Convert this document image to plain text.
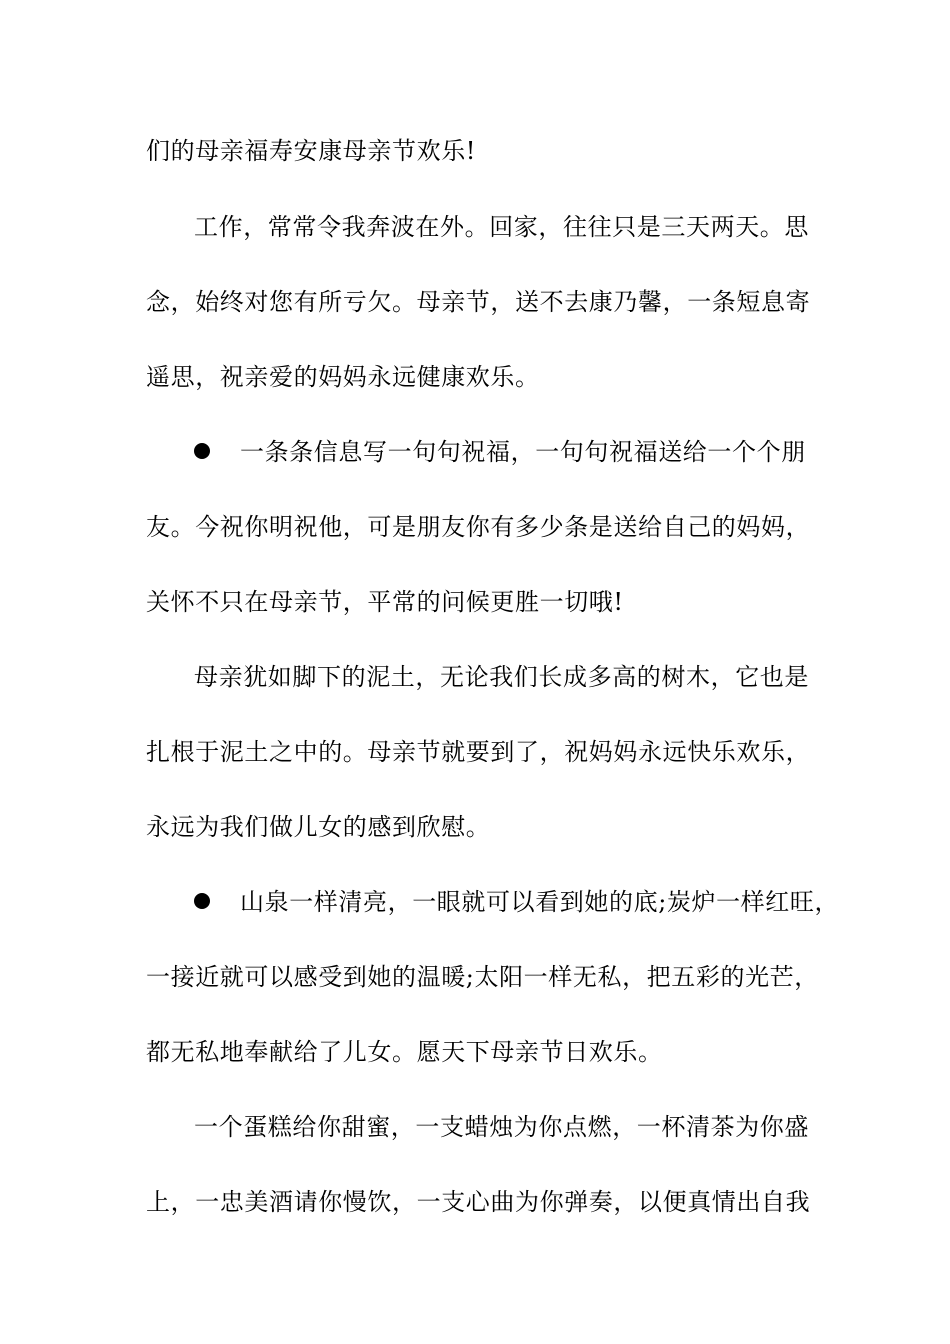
们的母亲福寿安康母亲节欢乐!
工作，常常令我奔波在外。回家，往往只是三天两天。思
念，始终对您有所亏欠。母亲节，送不去康乃馨，一条短息寄
遥思，祝亲爱的妈妈永远健康欢乐。
一条条信息写一句句祝福，一句句祝福送给一个个朋
友。今祝你明祝他，可是朋友你有多少条是送给自己的妈妈，
关怀不只在母亲节，平常的问候更胜一切哦!
母亲犹如脚下的泥土，无论我们长成多高的树木，它也是
扎根于泥土之中的。母亲节就要到了，祝妈妈永远快乐欢乐，
永远为我们做儿女的感到欣慰。
山泉一样清亮，一眼就可以看到她的底;炭炉一样红旺，
一接近就可以感受到她的温暖;太阳一样无私，把五彩的光芒，
都无私地奉献给了儿女。愿天下母亲节日欢乐。
一个蛋糕给你甜蜜，一支蜡烛为你点燃，一杯清茶为你盛
上，一忠美酒请你慢饮，一支心曲为你弹奏，以便真情出自我
